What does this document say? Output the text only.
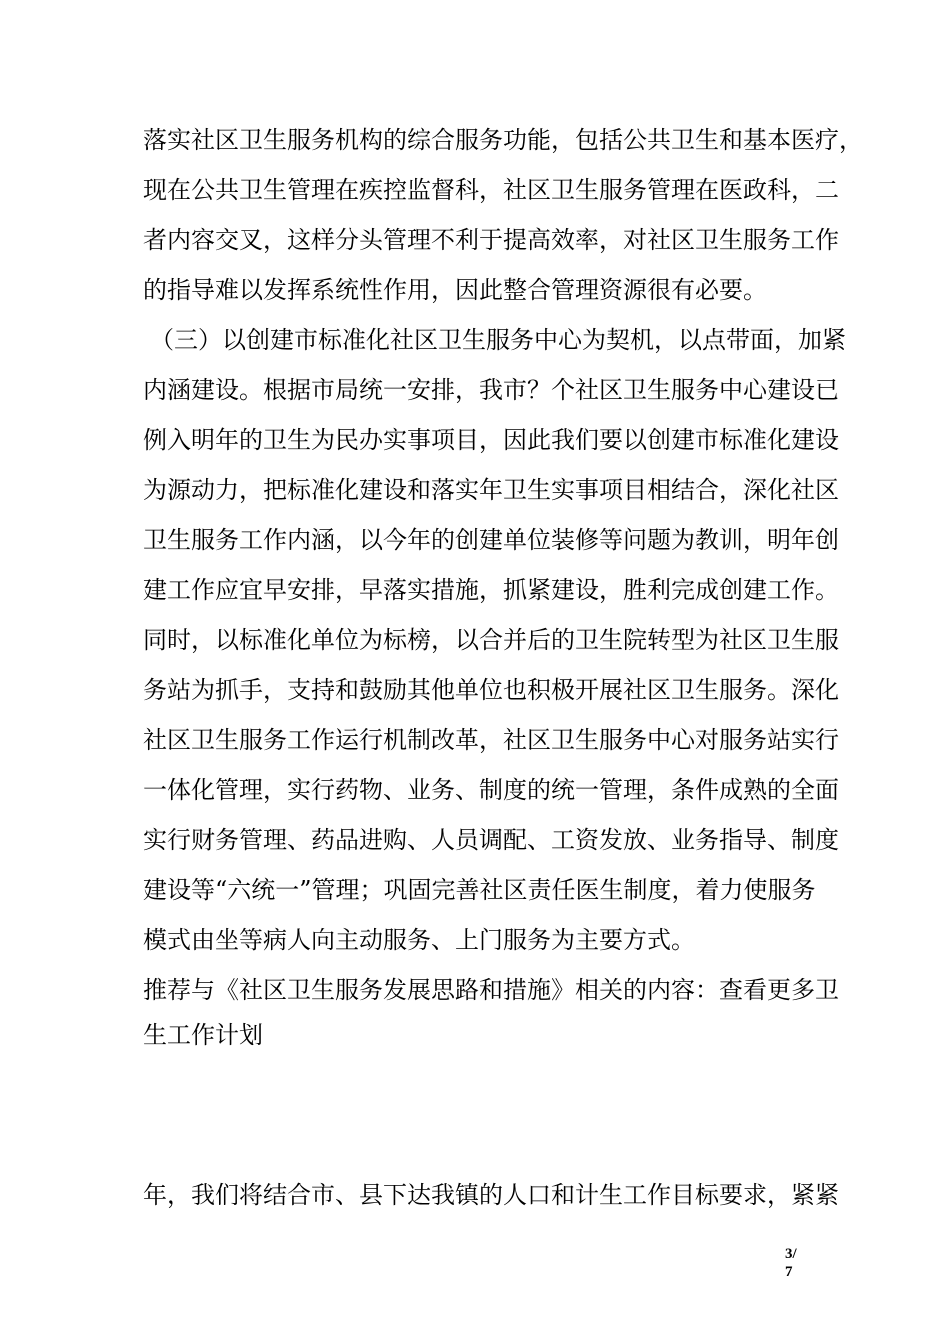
落实社区卫生服务机构的综合服务功能，包括公共卫生和基本医疗，

现在公共卫生管理在疾控监督科，社区卫生服务管理在医政科，二

者内容交叉，这样分头管理不利于提高效率，对社区卫生服务工作

的指导难以发挥系统性作用，因此整合管理资源很有必要。

（三）以创建市标准化社区卫生服务中心为契机，以点带面，加紧

内涵建设。根据市局统一安排，我市？个社区卫生服务中心建设已

例入明年的卫生为民办实事项目，因此我们要以创建市标准化建设

为源动力，把标准化建设和落实年卫生实事项目相结合，深化社区

卫生服务工作内涵，以今年的创建单位装修等问题为教训，明年创

建工作应宜早安排，早落实措施，抓紧建设，胜利完成创建工作。

同时，以标准化单位为标榜，以合并后的卫生院转型为社区卫生服

务站为抓手，支持和鼓励其他单位也积极开展社区卫生服务。深化

社区卫生服务工作运行机制改革，社区卫生服务中心对服务站实行

一体化管理，实行药物、业务、制度的统一管理，条件成熟的全面

实行财务管理、药品进购、人员调配、工资发放、业务指导、制度

建设等“六统一”管理；巩固完善社区责任医生制度，着力使服务

模式由坐等病人向主动服务、上门服务为主要方式。

推荐与《社区卫生服务发展思路和措施》相关的内容：查看更多卫

生工作计划

年，我们将结合市、县下达我镇的人口和计生工作目标要求，紧紧

3/
7
